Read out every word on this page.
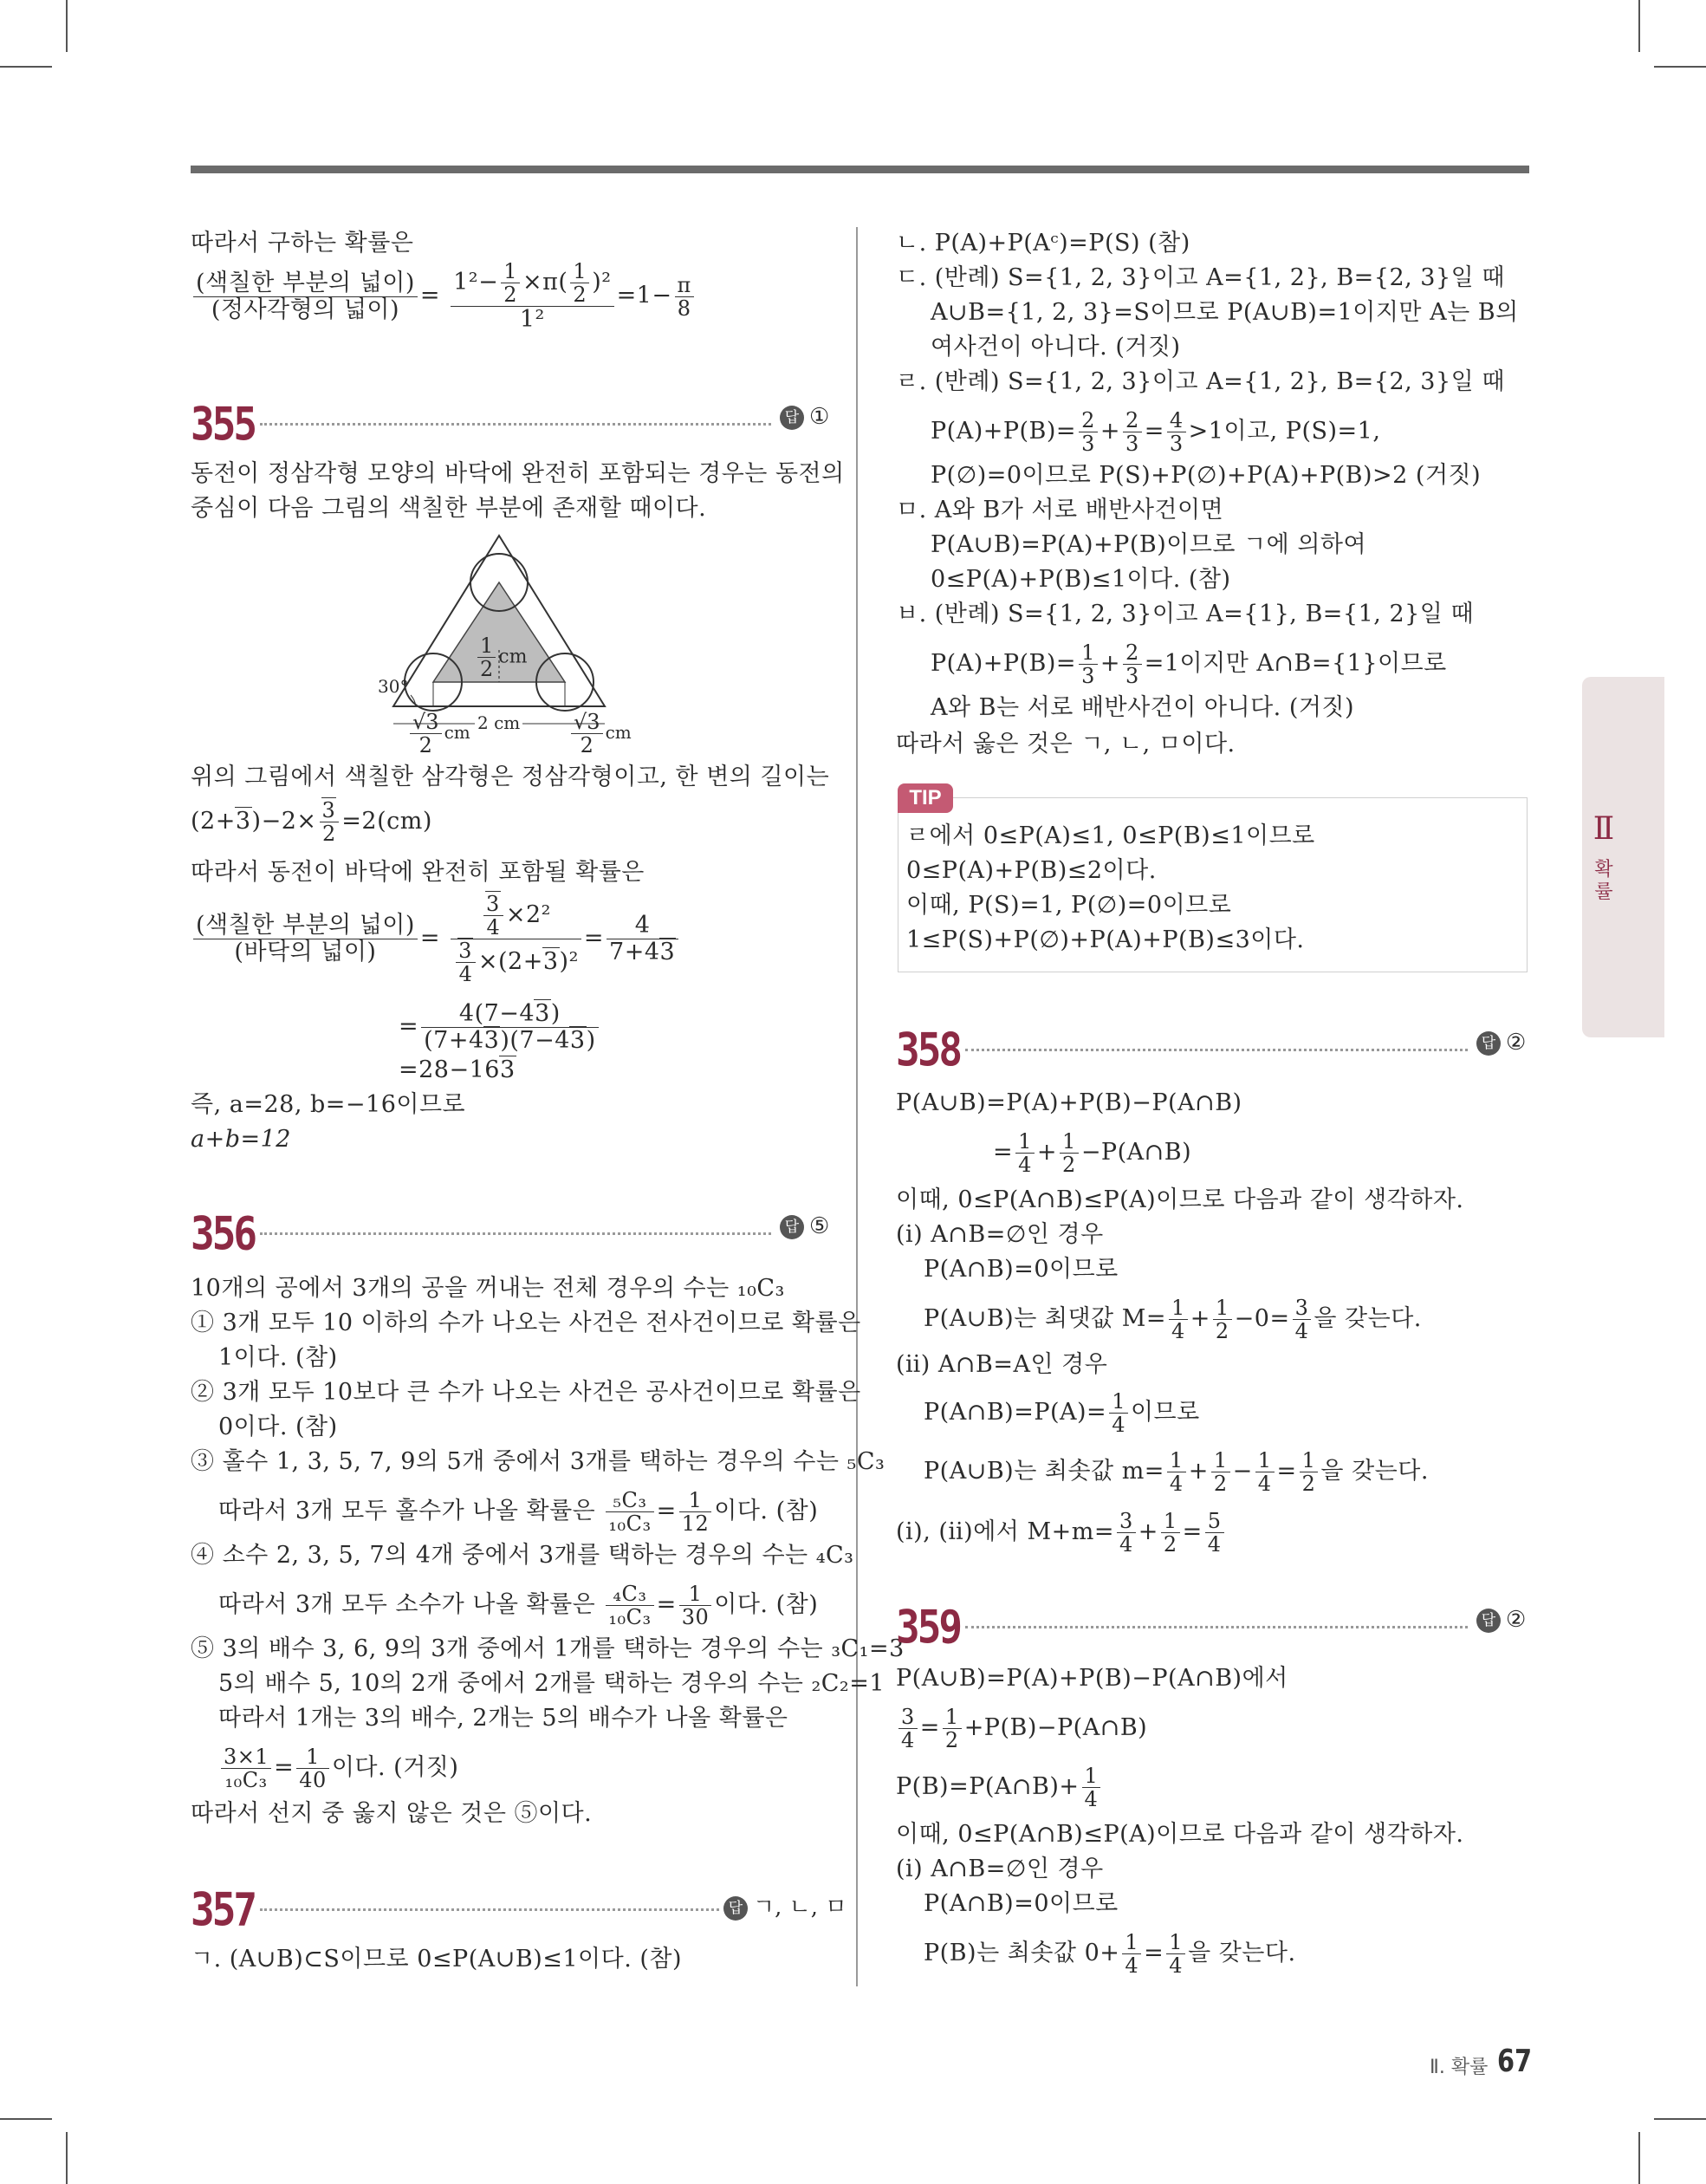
따라서 구하는 확률은
$\frac{\text{(색칠한 부분의 넓이)}}{\text{(정사각형의 넓이)}} = \frac{1^2- \frac{1}{2} \times\pi( \frac{1}{2} )^2}{\text{1²}} =1- \frac{\pi}{8}$
355	답 ①
동전이 정삼각형 모양의 바닥에 완전히 포함되는 경우는 동전의
중심이 다음 그림의 색칠한 부분에 존재할 때이다.
$\frac{1}{2}$ cm
30°
2 cm
$\frac{√3}{2}$ cm	$\frac{√3}{2}$ cm
위의 그림에서 색칠한 삼각형은 정삼각형이고, 한 변의 길이는
$(2+3)-2\times \frac{3}{2} =2(cm)$
따라서 동전이 바닥에 완전히 포함될 확률은
$\frac{\text{(색칠한 부분의 넓이)}}{\text{(바닥의 넓이)}} = \frac{\frac{3}{4} \times 2^2}{\frac{3}{4} \times(2+3)^2} = \frac{4}{7+43}$
= $\frac{4(7-43)}{(7+43)(7-43)}$
=28−163
즉, a=28, b=−16이므로
a+b=12
356	답 ⑤
10개의 공에서 3개의 공을 꺼내는 전체 경우의 수는 ₁₀C₃
① 3개 모두 10 이하의 수가 나오는 사건은 전사건이므로 확률은
1이다. (참)
② 3개 모두 10보다 큰 수가 나오는 사건은 공사건이므로 확률은
0이다. (참)
③ 홀수 1, 3, 5, 7, 9의 5개 중에서 3개를 택하는 경우의 수는 ₅C₃
따라서 3개 모두 홀수가 나올 확률은 $\frac{\text{₅C₃}}{\text{₁₀C₃}} = \frac{1}{12}$ 이다. (참)
④ 소수 2, 3, 5, 7의 4개 중에서 3개를 택하는 경우의 수는 ₄C₃
따라서 3개 모두 소수가 나올 확률은 $\frac{\text{₄C₃}}{\text{₁₀C₃}} = \frac{1}{30}$ 이다. (참)
⑤ 3의 배수 3, 6, 9의 3개 중에서 1개를 택하는 경우의 수는 ₃C₁=3
5의 배수 5, 10의 2개 중에서 2개를 택하는 경우의 수는 ₂C₂=1
따라서 1개는 3의 배수, 2개는 5의 배수가 나올 확률은
$\frac{3\times 1}{\text{₁₀C₃}} = \frac{1}{40}$ 이다. (거짓)
따라서 선지 중 옳지 않은 것은 ⑤이다.
357	답 ㄱ, ㄴ, ㅁ
ㄱ. (A∪B)⊂S이므로 0≤P(A∪B)≤1이다. (참)
ㄴ. P(A)+P(Aᶜ)=P(S) (참)
ㄷ. (반례) S={1, 2, 3}이고 A={1, 2}, B={2, 3}일 때
A∪B={1, 2, 3}=S이므로 P(A∪B)=1이지만 A는 B의
여사건이 아니다. (거짓)
ㄹ. (반례) S={1, 2, 3}이고 A={1, 2}, B={2, 3}일 때
$P(A)+P(B)= \frac{2}{3} + \frac{2}{3} = \frac{4}{3} >1$이고, P(S)=1,
P(∅)=0이므로 P(S)+P(∅)+P(A)+P(B)>2 (거짓)
ㅁ. A와 B가 서로 배반사건이면
P(A∪B)=P(A)+P(B)이므로 ㄱ에 의하여
0≤P(A)+P(B)≤1이다. (참)
ㅂ. (반례) S={1, 2, 3}이고 A={1}, B={1, 2}일 때
$P(A)+P(B)= \frac{1}{3} + \frac{2}{3} =1$이지만 A∩B={1}이므로
A와 B는 서로 배반사건이 아니다. (거짓)
따라서 옳은 것은 ㄱ, ㄴ, ㅁ이다.
TIP
ㄹ에서 0≤P(A)≤1, 0≤P(B)≤1이므로
0≤P(A)+P(B)≤2이다.
이때, P(S)=1, P(∅)=0이므로
1≤P(S)+P(∅)+P(A)+P(B)≤3이다.
358	답 ②
P(A∪B)=P(A)+P(B)−P(A∩B)
= $\frac{1}{4} + \frac{1}{2}$ −P(A∩B)
이때, 0≤P(A∩B)≤P(A)이므로 다음과 같이 생각하자.
(ⅰ) A∩B=∅인 경우
P(A∩B)=0이므로
P(A∪B)는 최댓값 $M= \frac{1}{4} + \frac{1}{2} -0= \frac{3}{4}$ 을 갖는다.
(ⅱ) A∩B=A인 경우
P(A∩B)=P(A)= $\frac{1}{4}$ 이므로
P(A∪B)는 최솟값 $m= \frac{1}{4} + \frac{1}{2} - \frac{1}{4} = \frac{1}{2}$ 을 갖는다.
(ⅰ), (ⅱ)에서 $M+m= \frac{3}{4} + \frac{1}{2} = \frac{5}{4}$
359	답 ②
P(A∪B)=P(A)+P(B)−P(A∩B)에서
$\frac{3}{4} = \frac{1}{2}$ +P(B)−P(A∩B)
P(B)=P(A∩B)+ $\frac{1}{4}$
이때, 0≤P(A∩B)≤P(A)이므로 다음과 같이 생각하자.
(ⅰ) A∩B=∅인 경우
P(A∩B)=0이므로
P(B)는 최솟값 $0+ \frac{1}{4} = \frac{1}{4}$ 을 갖는다.
Ⅱ
확률
Ⅱ. 확률 67
